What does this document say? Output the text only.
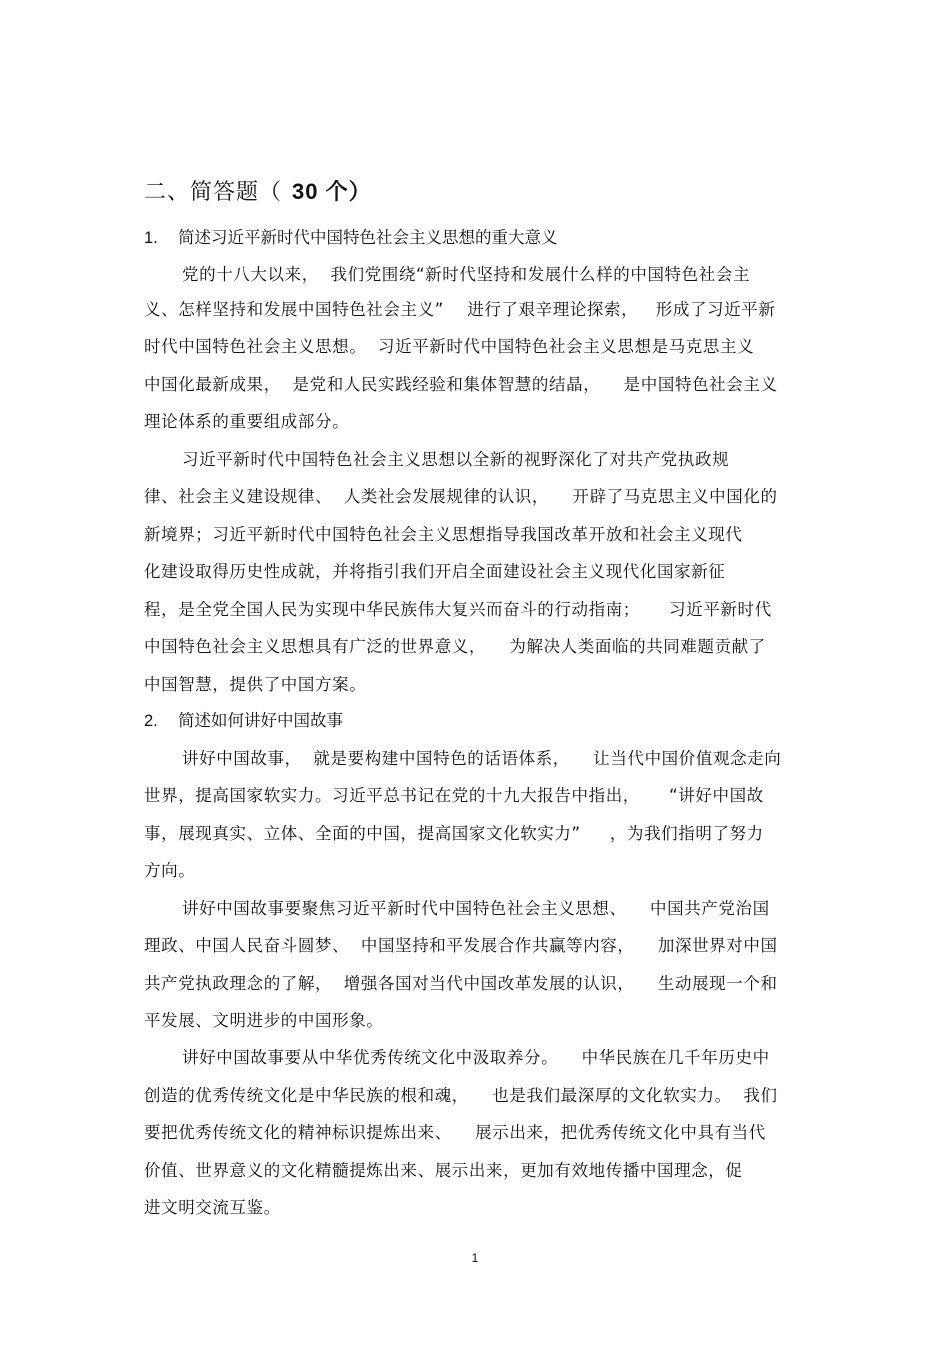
二、简答题（ 30 个）
1. 简述习近平新时代中国特色社会主义思想的重大意义
党的十八大以来，  我们党围绕“新时代坚持和发展什么样的中国特色社会主
义、怎样坚持和发展中国特色社会主义”    进行了艰辛理论探索，   形成了习近平新
时代中国特色社会主义思想。  习近平新时代中国特色社会主义思想是马克思主义
中国化最新成果，  是党和人民实践经验和集体智慧的结晶，    是中国特色社会主义
理论体系的重要组成部分。
习近平新时代中国特色社会主义思想以全新的视野深化了对共产党执政规
律、社会主义建设规律、  人类社会发展规律的认识，    开辟了马克思主义中国化的
新境界；习近平新时代中国特色社会主义思想指导我国改革开放和社会主义现代
化建设取得历史性成就，并将指引我们开启全面建设社会主义现代化国家新征
程，是全党全国人民为实现中华民族伟大复兴而奋斗的行动指南；     习近平新时代
中国特色社会主义思想具有广泛的世界意义，    为解决人类面临的共同难题贡献了
中国智慧，提供了中国方案。
2. 简述如何讲好中国故事
讲好中国故事，  就是要构建中国特色的话语体系，    让当代中国价值观念走向
世界，提高国家软实力。习近平总书记在党的十九大报告中指出，     “讲好中国故
事，展现真实、立体、全面的中国，提高国家文化软实力”     ，为我们指明了努力
方向。
讲好中国故事要聚焦习近平新时代中国特色社会主义思想、    中国共产党治国
理政、中国人民奋斗圆梦、  中国坚持和平发展合作共赢等内容，    加深世界对中国
共产党执政理念的了解，  增强各国对当代中国改革发展的认识，    生动展现一个和
平发展、文明进步的中国形象。
讲好中国故事要从中华优秀传统文化中汲取养分。    中华民族在几千年历史中
创造的优秀传统文化是中华民族的根和魂，    也是我们最深厚的文化软实力。  我们
要把优秀传统文化的精神标识提炼出来、    展示出来，把优秀传统文化中具有当代
价值、世界意义的文化精髓提炼出来、展示出来，更加有效地传播中国理念，促
进文明交流互鉴。
1
